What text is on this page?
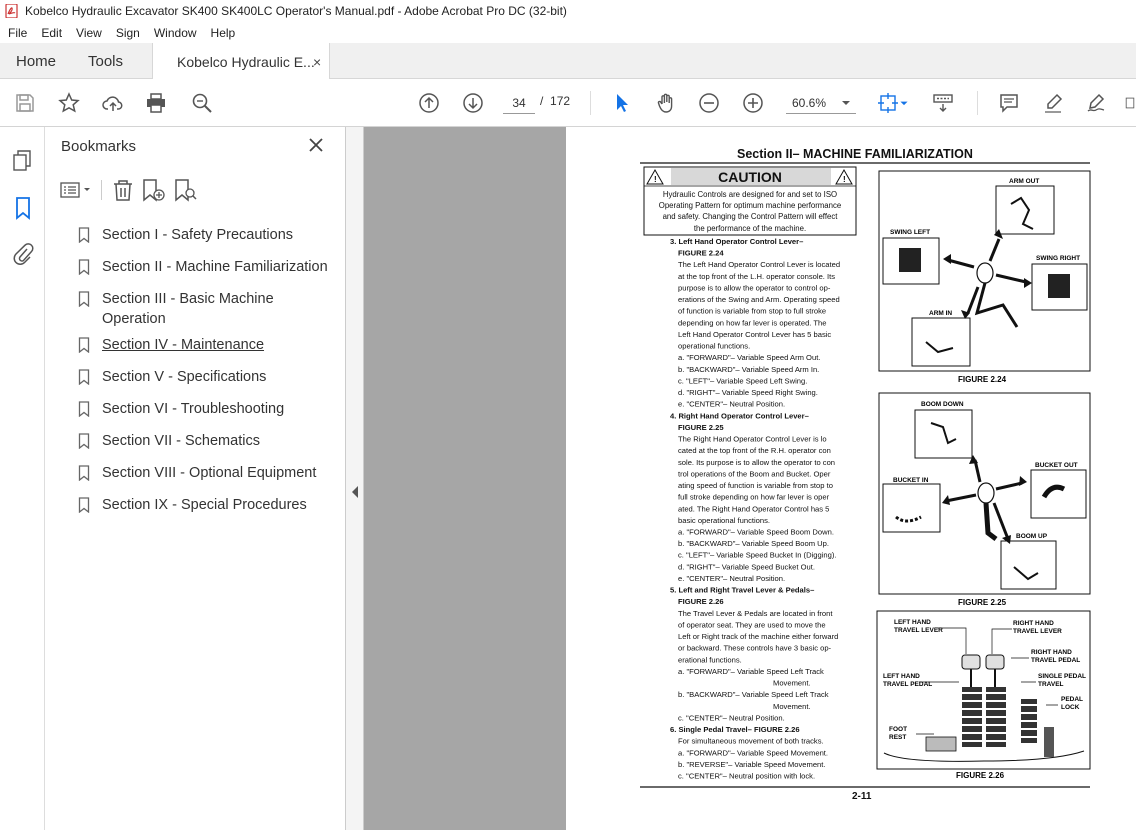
Kobelco Hydraulic Excavator SK400 SK400LC Operator's Manual.pdf - Adobe Acrobat Pro DC (32-bit)
File	Edit	View	Sign	Window	Help
Home Tools	Kobelco Hydraulic E...
×
34 / 172	60.6%
Bookmarks
Section I - Safety Precautions
Section II - Machine Familiarization
Section III - Basic Machine Operation
Section IV - Maintenance
Section V - Specifications
Section VI - Troubleshooting
Section VII - Schematics
Section VIII - Optional Equipment
Section IX - Special Procedures
Section II– MACHINE FAMILIARIZATION
!	!
CAUTION
Hydraulic Controls are designed for and set to ISO
Operating Pattern for optimum machine performance
and safety. Changing the Control Pattern will effect
the performance of the machine.
3. Left Hand Operator Control Lever–
FIGURE 2.24
The Left Hand Operator Control Lever is located
at the top front of the L.H. operator console. Its
purpose is to allow the operator to control op-
erations of the Swing and Arm. Operating speed
of function is variable from stop to full stroke
depending on how far lever is operated. The
Left Hand Operator Control Lever has 5 basic
operational functions.
a. "FORWARD"– Variable Speed Arm Out.
b. "BACKWARD"– Variable Speed Arm In.
c. "LEFT"– Variable Speed Left Swing.
d. "RIGHT"– Variable Speed Right Swing.
e. "CENTER"– Neutral Position.
4. Right Hand Operator Control Lever–
FIGURE 2.25
The Right Hand Operator Control Lever is lo
cated at the top front of the R.H. operator con
sole. Its purpose is to allow the operator to con
trol operations of the Boom and Bucket. Oper
ating speed of function is variable from stop to
full stroke depending on how far lever is oper
ated. The Right Hand Operator Control has 5
basic operational functions.
a. "FORWARD"– Variable Speed Boom Down.
b. "BACKWARD"– Variable Speed Boom Up.
c. "LEFT"– Variable Speed Bucket In (Digging).
d. "RIGHT"– Variable Speed Bucket Out.
e. "CENTER"– Neutral Position.
5. Left and Right Travel Lever & Pedals–
FIGURE 2.26
The Travel Lever & Pedals are located in front
of operator seat. They are used to move the
Left or Right track of the machine either forward
or backward. These controls have 3 basic op-
erational functions.
a. "FORWARD"– Variable Speed Left Track
Movement.
b. "BACKWARD"– Variable Speed Left Track
Movement.
c. "CENTER"– Neutral Position.
6. Single Pedal Travel– FIGURE 2.26
For simultaneous movement of both tracks.
a. "FORWARD"– Variable Speed Movement.
b. "REVERSE"– Variable Speed Movement.
c. "CENTER"– Neutral position with lock.
ARM OUT
SWING LEFT
SWING RIGHT
ARM IN
FIGURE 2.24
BOOM DOWN
BUCKET IN
BUCKET OUT
BOOM UP
FIGURE 2.25
LEFT HAND
TRAVEL LEVER
RIGHT HAND
TRAVEL LEVER
RIGHT HAND
TRAVEL PEDAL
LEFT HAND
TRAVEL PEDAL
SINGLE PEDAL
TRAVEL
PEDAL
LOCK
FOOT
REST
FIGURE 2.26
2-11
